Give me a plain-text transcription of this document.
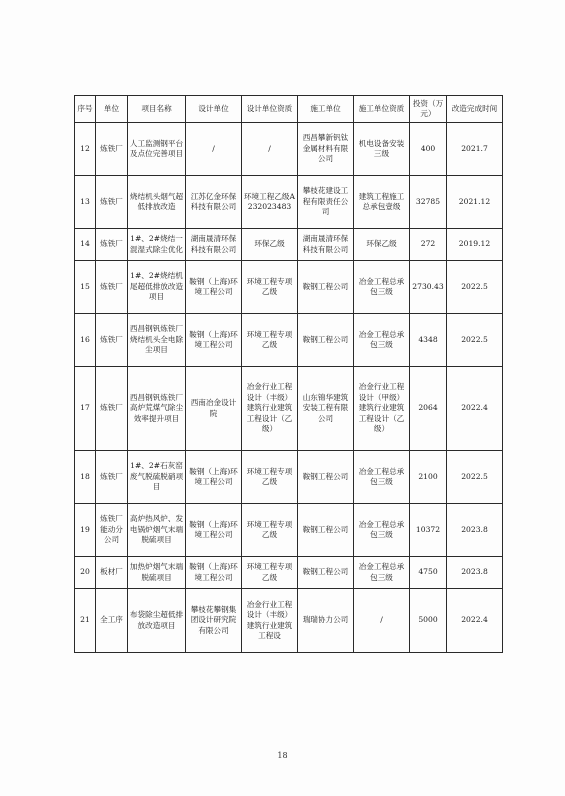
序号	单位	项目名称	设计单位	设计单位资质	施工单位	施工单位资质	投资（万元）	改造完成时间
12	炼铁厂	人工监测钢平台及点位完善项目	/	/	西昌攀新钒钛金属材料有限公司	机电设备安装三级	400	2021.7
13	炼铁厂	烧结机头烟气超低排放改造	江苏亿金环保科技有限公司	环境工程乙级A232023483	攀枝花建设工程有限责任公司	建筑工程施工总承包壹级	32785	2021.12
14	炼铁厂	1#、2#烧结一混湿式除尘优化	湖南晟清环保科技有限公司	环保乙级	湖南晟清环保科技有限公司	环保乙级	272	2019.12
15	炼铁厂	1#、2#烧结机尾超低排放改造项目	鞍钢（上海)环境工程公司	环境工程专项乙级	鞍钢工程公司	冶金工程总承包三级	2730.43	2022.5
16	炼铁厂	西昌钢钒炼铁厂烧结机头全电除尘项目	鞍钢（上海)环境工程公司	环境工程专项乙级	鞍钢工程公司	冶金工程总承包三级	4348	2022.5
17	炼铁厂	西昌钢钒炼铁厂高炉荒煤气除尘效率提升项目	西南冶金设计院	冶金行业工程设计（丰级）建筑行业建筑工程设计（乙级）	山东锦华建筑安装工程有限公司	冶金行业工程设计（甲级）建筑行业建筑工程设计（乙级）	2064	2022.4
18	炼铁厂	1#、2#石灰窑废气脱硫脱硝项目	鞍钢（上海)环境工程公司	环境工程专项乙级	鞍钢工程公司	冶金工程总承包三级	2100	2022.5
19	炼铁厂能动分公司	高炉热风炉、发电锅炉烟气末端脱硫项目	鞍钢（上海)环境工程公司	环境工程专项乙级	鞍钢工程公司	冶金工程总承包三级	10372	2023.8
20	板材厂	加热炉烟气末端脱硫项目	鞍钢（上海)环境工程公司	环境工程专项乙级	鞍钢工程公司	冶金工程总承包三级	4750	2023.8
21	全工序	布袋除尘超低排放改造项目	攀枝花攀钢集团设计研究院有限公司	冶金行业工程设计（丰级）建筑行业建筑工程设	瑞瑞协力公司	/	5000	2022.4
18
